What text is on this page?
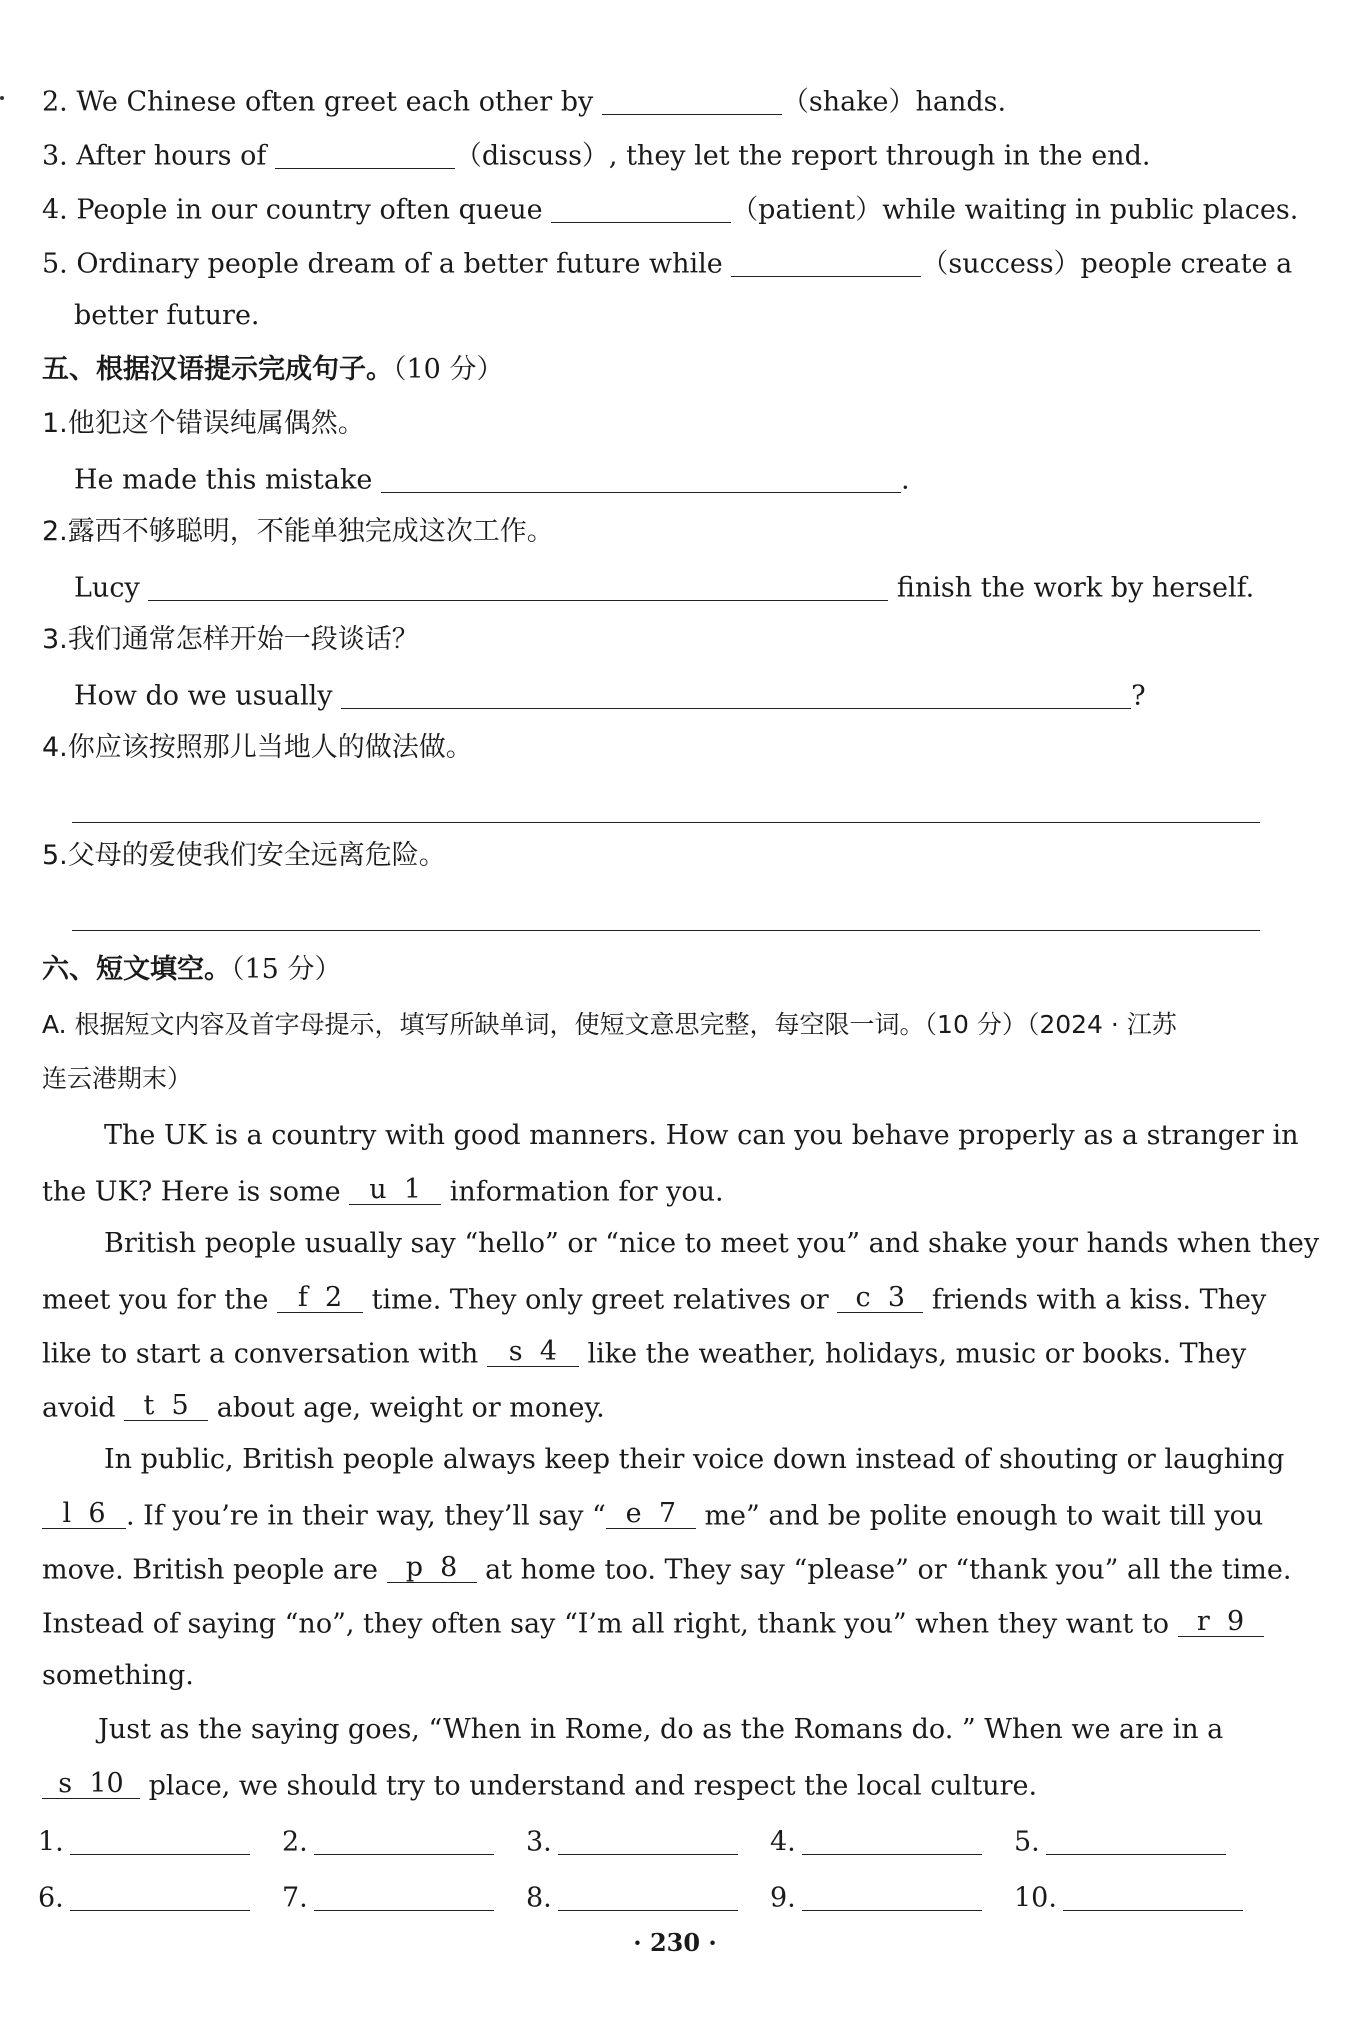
2. We Chinese often greet each other by	（shake）hands.
3. After hours of	（discuss）, they let the report through in the end.
4. People in our country often queue	（patient）while waiting in public places.
5. Ordinary people dream of a better future while	（success）people create a
better future.
五、根据汉语提示完成句子。（10 分）
1.他犯这个错误纯属偶然。
He made this mistake	.
2.露西不够聪明，不能单独完成这次工作。
Lucy	finish the work by herself.
3.我们通常怎样开始一段谈话？
How do we usually	?
4.你应该按照那儿当地人的做法做。
5.父母的爱使我们安全远离危险。
六、短文填空。（15 分）
A. 根据短文内容及首字母提示，填写所缺单词，使短文意思完整，每空限一词。（10 分）（2024 · 江苏
连云港期末）
The UK is a country with good manners. How can you behave properly as a stranger in
the UK? Here is some u 1 information for you.
British people usually say “hello” or “nice to meet you” and shake your hands when they
meet you for the f 2 time. They only greet relatives or c 3 friends with a kiss. They
like to start a conversation with s 4 like the weather, holidays, music or books. They
avoid t 5 about age, weight or money.
In public, British people always keep their voice down instead of shouting or laughing
l 6 . If you’re in their way, they’ll say “ e 7 me” and be polite enough to wait till you
move. British people are p 8 at home too. They say “please” or “thank you” all the time.
Instead of saying “no”, they often say “I’m all right, thank you” when they want to r 9
something.
Just as the saying goes, “When in Rome, do as the Romans do. ” When we are in a
s 10 place, we should try to understand and respect the local culture.
1.	2.	3.	4.	5.
6.	7.	8.	9.	10.
· 230 ·
